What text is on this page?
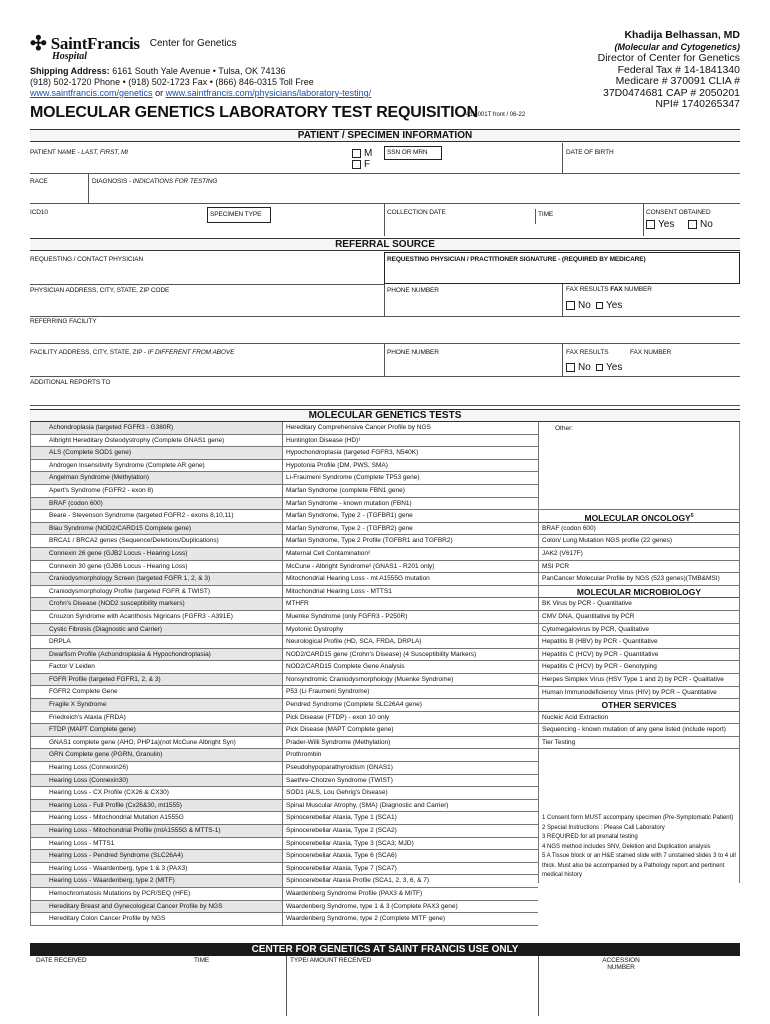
✣ SaintFrancis Center for Genetics
Hospital
Shipping Address: 6161 South Yale Avenue • Tulsa, OK 74136
(918) 502-1720 Phone • (918) 502-1723 Fax • (866) 846-0315 Toll Free
www.saintfrancis.com/genetics or www.saintfrancis.com/physicians/laboratory-testing/
MOLECULAR GENETICS LABORATORY TEST REQUISITION
411-001T front / 06-22
Khadija Belhassan, MD
(Molecular and Cytogenetics)
Director of Center for Genetics
Federal Tax # 14-1841340
Medicare # 370091 CLIA #
37D0474681 CAP # 2050201
NPI# 1740265347
PATIENT / SPECIMEN INFORMATION
PATIENT NAME - LAST, FIRST, MI	M
F
SSN OR MRN	DATE OF BIRTH
RACE	DIAGNOSIS - INDICATIONS FOR TESTING
ICD10	SPECIMEN TYPE	COLLECTION DATE	TIME	CONSENT OBTAINED
Yes	No
REFERRAL SOURCE
REQUESTING / CONTACT PHYSICIAN	REQUESTING PHYSICIAN / PRACTITIONER SIGNATURE - (REQUIRED BY MEDICARE)
PHYSICIAN ADDRESS, CITY, STATE, ZIP CODE	PHONE NUMBER	FAX RESULTS FAX NUMBER
No Yes
REFERRING FACILITY
FACILITY ADDRESS, CITY, STATE, ZIP - IF DIFFERENT FROM ABOVE	PHONE NUMBER	FAX RESULTS	FAX NUMBER
No Yes
ADDITIONAL REPORTS TO
MOLECULAR GENETICS TESTS
Achondroplasia (targeted FGFR3 - G380R)
Albright Hereditary Osteodystrophy (Complete GNAS1 gene)
ALS (Complete SOD1 gene)
Androgen Insensitivity Syndrome (Complete AR gene)
Angelman Syndrome (Methylation)
Apert's Syndrome (FGFR2 - exon 8)
BRAF (codon 600)
Beare - Stevenson Syndrome (targeted FGFR2 - exons 8,10,11)
Blau Syndrome (NOD2/CARD15 Complete gene)
BRCA1 / BRCA2 genes (Sequence/Deletions/Duplications)
Connexin 26 gene (GJB2 Locus - Hearing Loss)
Connexin 30 gene (GJB6 Locus - Hearing Loss)
Craniodysmorphology Screen (targeted FGFR 1, 2, & 3)
Craniodysmorphology Profile (targeted FGFR & TWIST)
Crohn's Disease (NOD2 susceptibility markers)
Crouzon Syndrome with Acanthosis Nigricans (FGFR3 - A391E)
Cystic Fibrosis (Diagnostic and Carrier)
DRPLA
Dwarfism Profile (Achondroplasia & Hypochondroplasia)
Factor V Leiden
FGFR Profile (targeted FGFR1, 2, & 3)
FGFR2 Complete Gene
Fragile X Syndrome
Friedreich's Ataxia (FRDA)
FTDP (MAPT Complete gene)
GNAS1 complete gene (AHO, PHP1a)(not McCune Albright Syn)
GRN Complete gene (PGRN, Granulin)
Hearing Loss (Connexin26)
Hearing Loss (Connexin30)
Hearing Loss - CX Profile (CX26 & CX30)
Hearing Loss - Full Profile (Cx26&30, mt1555)
Hearing Loss - Mitochondrial Mutation A1555G
Hearing Loss - Mitochondrial Profile (mtA1555G & MTTS-1)
Hearing Loss - MTTS1
Hearing Loss - Pendred Syndrome (SLC26A4)
Hearing Loss - Waardenberg, type 1 & 3 (PAX3)
Hearing Loss - Waardenberg, type 2 (MITF)
Hemochromatosis Mutations by PCR/SEQ (HFE)
Hereditary Breast and Gynecological Cancer Profile by NGS
Hereditary Colon Cancer Profile by NGS
Hereditary Comprehensive Cancer Profile by NGS
Huntington Disease (HD)¹
Hypochondroplasia (targeted FGFR3, N540K)
Hypotonia Profile (DM, PWS, SMA)
Li-Fraumeni Syndrome (Complete TP53 gene)
Marfan Syndrome (complete FBN1 gene)
Marfan Syndrome - known mutation (FBN1)
Marfan Syndrome, Type 2 - (TGFBR1) gene
Marfan Syndrome, Type 2 - (TGFBR2) gene
Marfan Syndrome, Type 2 Profile (TGFBR1 and TGFBR2)
Maternal Cell Contamination²
McCune - Albright Syndrome² (GNAS1 - R201 only)
Mitochondrial Hearing Loss - mt A1555G mutation
Mitochondrial Hearing Loss - MTTS1
MTHFR
Muenke Syndrome (only FGFR3 - P250R)
Myotonic Dystrophy
Neurological Profile (HD, SCA, FRDA, DRPLA)
NOD2/CARD15 gene (Crohn's Disease) (4 Susceptibility Markers)
NOD2/CARD15 Complete Gene Analysis
Nonsyndromic Craniodysmorphology (Muenke Syndrome)
P53 (Li Fraumeni Syndrome)
Pendred Syndrome (Complete SLC26A4 gene)
Pick Disease (FTDP) - exon 10 only
Pick Disease (MAPT Complete gene)
Prader-Willi Syndrome (Methylation)
Prothrombin
Pseudohypoparathyroidism (GNAS1)
Saethre-Chotzen Syndrome (TWIST)
SOD1 (ALS, Lou Gehrig's Disease)
Spinal Muscular Atrophy, (SMA) (Diagnostic and Carrier)
Spinocerebellar Ataxia, Type 1 (SCA1)
Spinocerebellar Ataxia, Type 2 (SCA2)
Spinocerebellar Ataxia, Type 3 (SCA3; MJD)
Spinocerebellar Ataxia, Type 6 (SCA6)
Spinocerebellar Ataxia, Type 7 (SCA7)
Spinocerebellar Ataxia Profile (SCA1, 2, 3, 6, & 7)
Waardenberg Syndrome Profile (PAX3 & MITF)
Waardenberg Syndrome, type 1 & 3 (Complete PAX3 gene)
Waardenberg Syndrome, type 2 (Complete MITF gene)
Other:
MOLECULAR ONCOLOGY$^5$
BRAF (codon 600)
Colon/ Lung Mutation NGS profile (22 genes)
JAK2 (V617F)
MSI PCR
PanCancer Molecular Profile by NGS (523 genes)(TMB&MSI)
MOLECULAR MICROBIOLOGY
BK Virus by PCR - Quantitative
CMV DNA, Quantitative by PCR
Cytomegalovirus by PCR, Qualitative
Hepatitis B (HBV) by PCR - Quantitative
Hepatitis C (HCV) by PCR - Quantitative
Hepatitis C (HCV) by PCR - Genotyping
Herpes Simplex Virus (HSV Type 1 and 2) by PCR - Qualitative
Human Immunodeficiency Virus (HIV) by PCR – Quantitative
OTHER SERVICES
Nucleic Acid Extraction
Sequencing - known mutation of any gene listed (include report)
Tier Testing
1 Consent form MUST accompany specimen (Pre-Symptomatic Patient)
2 Special Instructions : Please Call Laboratory
3 REQUIRED for all prenatal testing
4 NGS method includes SNV, Deletion and Duplication analysis
5 A Tissue block or an H&E stained slide with 7 unstained slides 3 to 4 ull thick. Must also be accompanied by a Pathology report and pertinent medical history
CENTER FOR GENETICS AT SAINT FRANCIS USE ONLY
DATE RECEIVED	TIME	TYPE/ AMOUNT RECEIVED	ACCESSION NUMBER
